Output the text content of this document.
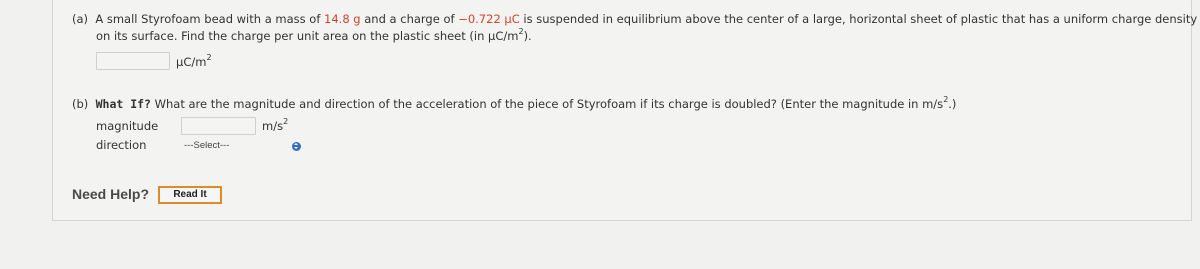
(a) A small Styrofoam bead with a mass of 14.8 g and a charge of −0.722 μC is suspended in equilibrium above the center of a large, horizontal sheet of plastic that has a uniform charge density
on its surface. Find the charge per unit area on the plastic sheet (in $\mu C/m^2$).
$\mu C/m^2$
(b) What If? What are the magnitude and direction of the acceleration of the piece of Styrofoam if its charge is doubled? (Enter the magnitude in $m/s^2$.)
magnitude	$m/s^2$
direction	---Select---
Need Help?	Read It
